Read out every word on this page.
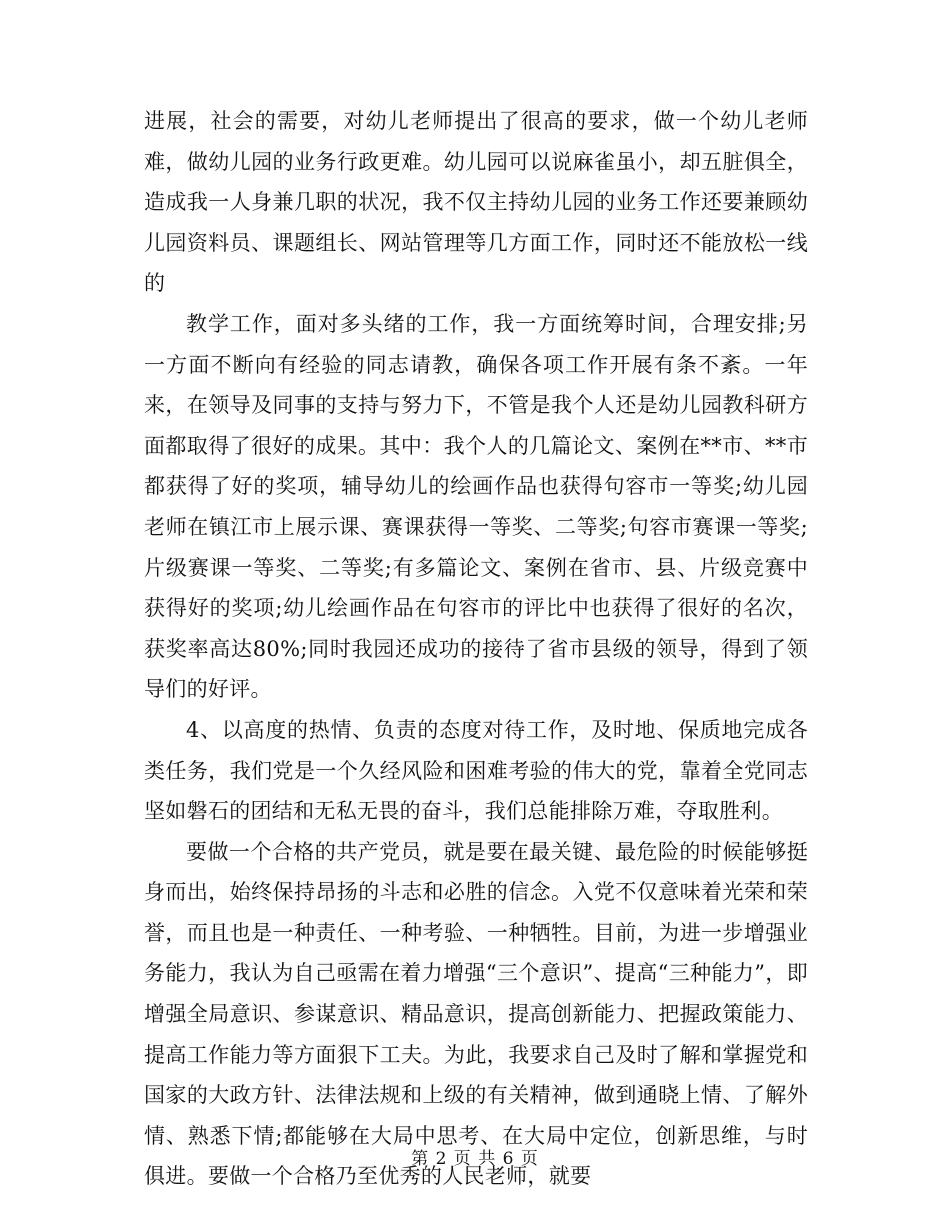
进展，社会的需要，对幼儿老师提出了很高的要求，做一个幼儿老师难，做幼儿园的业务行政更难。幼儿园可以说麻雀虽小，却五脏俱全，造成我一人身兼几职的状况，我不仅主持幼儿园的业务工作还要兼顾幼儿园资料员、课题组长、网站管理等几方面工作，同时还不能放松一线的

教学工作，面对多头绪的工作，我一方面统筹时间，合理安排;另一方面不断向有经验的同志请教，确保各项工作开展有条不紊。一年来，在领导及同事的支持与努力下，不管是我个人还是幼儿园教科研方面都取得了很好的成果。其中：我个人的几篇论文、案例在**市、**市都获得了好的奖项，辅导幼儿的绘画作品也获得句容市一等奖;幼儿园老师在镇江市上展示课、赛课获得一等奖、二等奖;句容市赛课一等奖;片级赛课一等奖、二等奖;有多篇论文、案例在省市、县、片级竞赛中获得好的奖项;幼儿绘画作品在句容市的评比中也获得了很好的名次，获奖率高达80%;同时我园还成功的接待了省市县级的领导，得到了领导们的好评。

4、以高度的热情、负责的态度对待工作，及时地、保质地完成各类任务，我们党是一个久经风险和困难考验的伟大的党，靠着全党同志坚如磐石的团结和无私无畏的奋斗，我们总能排除万难，夺取胜利。

要做一个合格的共产党员，就是要在最关键、最危险的时候能够挺身而出，始终保持昂扬的斗志和必胜的信念。入党不仅意味着光荣和荣誉，而且也是一种责任、一种考验、一种牺牲。目前，为进一步增强业务能力，我认为自己亟需在着力增强“三个意识”、提高“三种能力”，即增强全局意识、参谋意识、精品意识，提高创新能力、把握政策能力、提高工作能力等方面狠下工夫。为此，我要求自己及时了解和掌握党和国家的大政方针、法律法规和上级的有关精神，做到通晓上情、了解外情、熟悉下情;都能够在大局中思考、在大局中定位，创新思维，与时俱进。要做一个合格乃至优秀的人民老师，就要

第 2 页 共 6 页
